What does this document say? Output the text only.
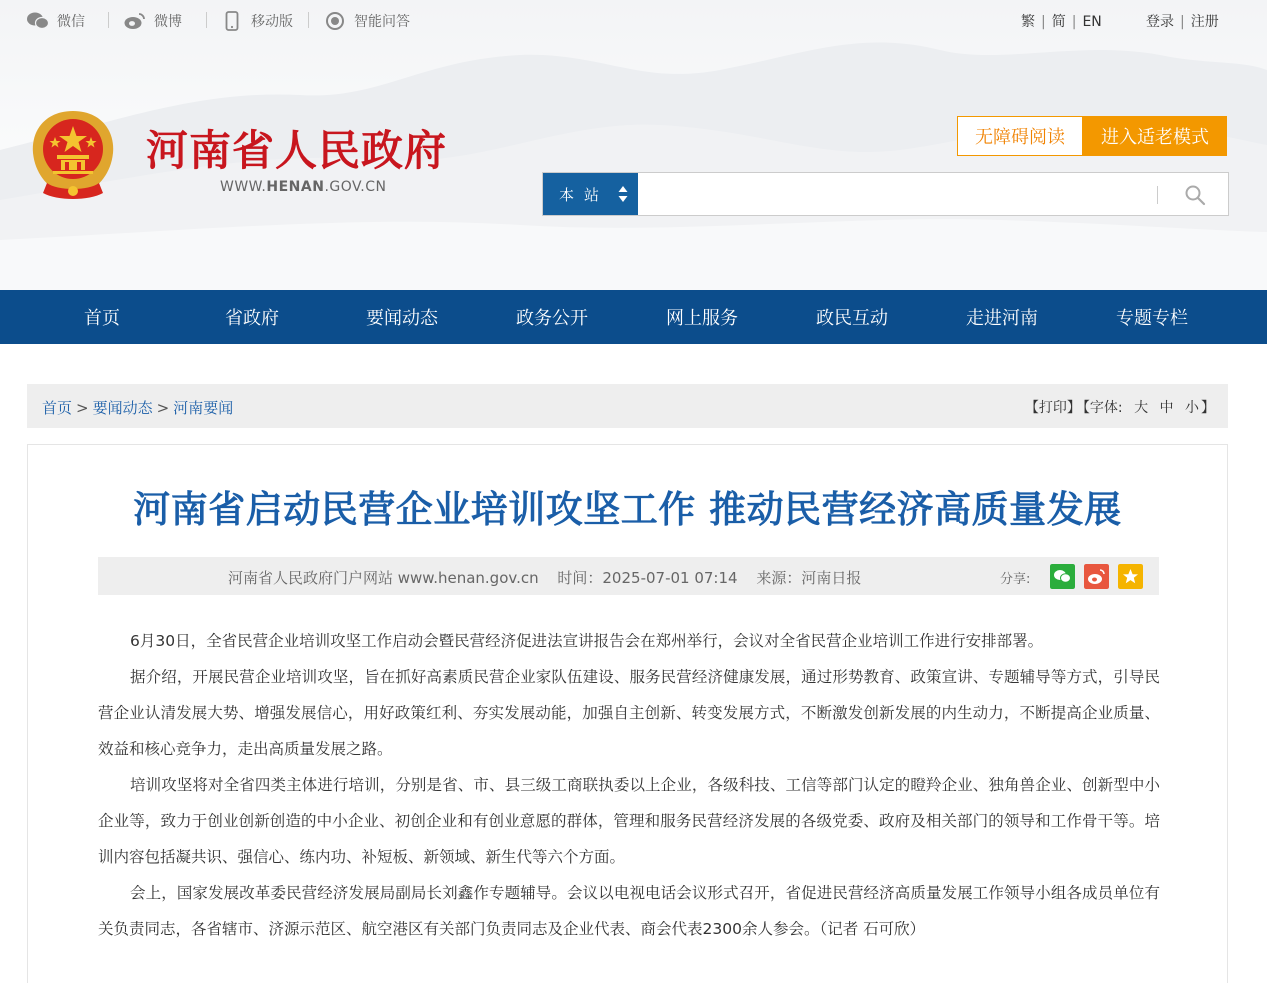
微信	微博	移动版	智能问答	繁 | 简 | EN	登录 | 注册
河南省人民政府
WWW.HENAN.GOV.CN
无障碍阅读	进入适老模式
本站
首页	省政府	要闻动态	政务公开	网上服务	政民互动	走进河南	专题专栏
首页 > 要闻动态 > 河南要闻	【打印】 【字体: 大 中 小 】
河南省启动民营企业培训攻坚工作 推动民营经济高质量发展
河南省人民政府门户网站 www.henan.gov.cn 时间：2025-07-01 07:14 来源：河南日报	分享:

6月30日，全省民营企业培训攻坚工作启动会暨民营经济促进法宣讲报告会在郑州举行，会议对全省民营企业培训工作进行安排部署。

据介绍，开展民营企业培训攻坚，旨在抓好高素质民营企业家队伍建设、服务民营经济健康发展，通过形势教育、政策宣讲、专题辅导等方式，引导民营企业认清发展大势、增强发展信心，用好政策红利、夯实发展动能，加强自主创新、转变发展方式，不断激发创新发展的内生动力，不断提高企业质量、效益和核心竞争力，走出高质量发展之路。

培训攻坚将对全省四类主体进行培训，分别是省、市、县三级工商联执委以上企业，各级科技、工信等部门认定的瞪羚企业、独角兽企业、创新型中小企业等，致力于创业创新创造的中小企业、初创企业和有创业意愿的群体，管理和服务民营经济发展的各级党委、政府及相关部门的领导和工作骨干等。培训内容包括凝共识、强信心、练内功、补短板、新领域、新生代等六个方面。

会上，国家发展改革委民营经济发展局副局长刘鑫作专题辅导。会议以电视电话会议形式召开，省促进民营经济高质量发展工作领导小组各成员单位有关负责同志，各省辖市、济源示范区、航空港区有关部门负责同志及企业代表、商会代表2300余人参会。（记者 石可欣）
